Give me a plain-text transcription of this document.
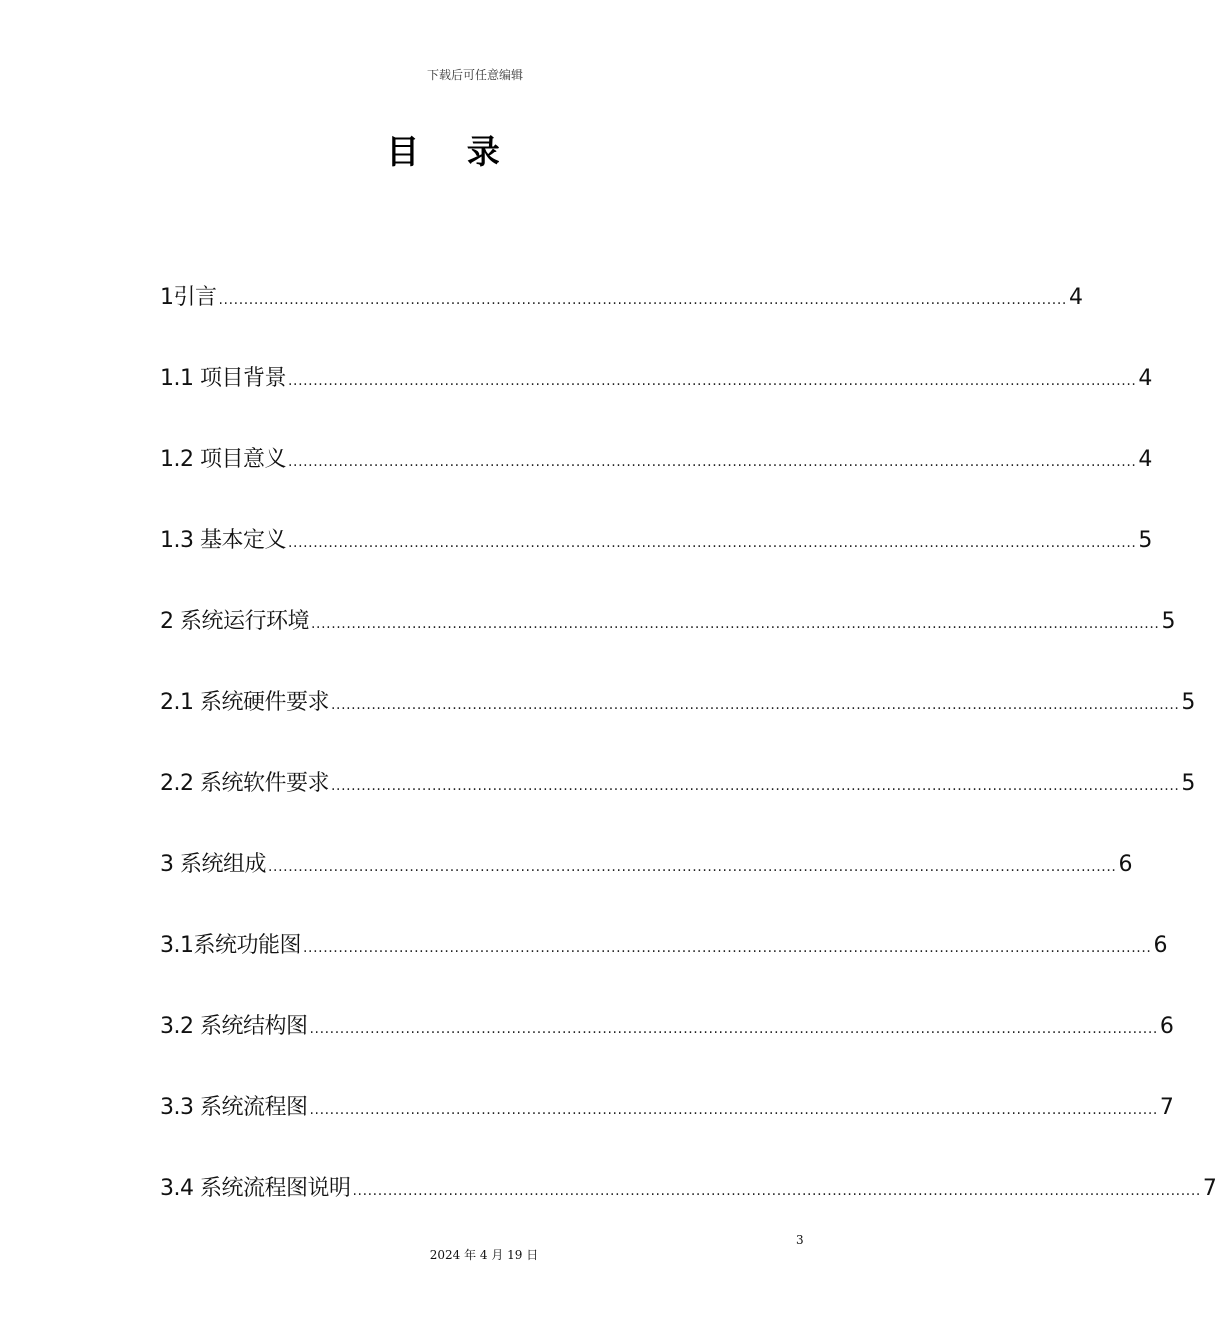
下载后可任意编辑
目 录
1引言 ........................................................................................................................................................................ 4
1.1 项目背景 ........................................................................................................................................................................ 4
1.2 项目意义 ........................................................................................................................................................................ 4
1.3 基本定义 ........................................................................................................................................................................ 5
2 系统运行环境 ........................................................................................................................................................................ 5
2.1 系统硬件要求 ........................................................................................................................................................................ 5
2.2 系统软件要求 ........................................................................................................................................................................ 5
3 系统组成 ........................................................................................................................................................................ 6
3.1系统功能图 ........................................................................................................................................................................ 6
3.2 系统结构图 ........................................................................................................................................................................ 6
3.3 系统流程图 ........................................................................................................................................................................ 7
3.4 系统流程图说明 ........................................................................................................................................................................ 7
3
2024 年 4 月 19 日
